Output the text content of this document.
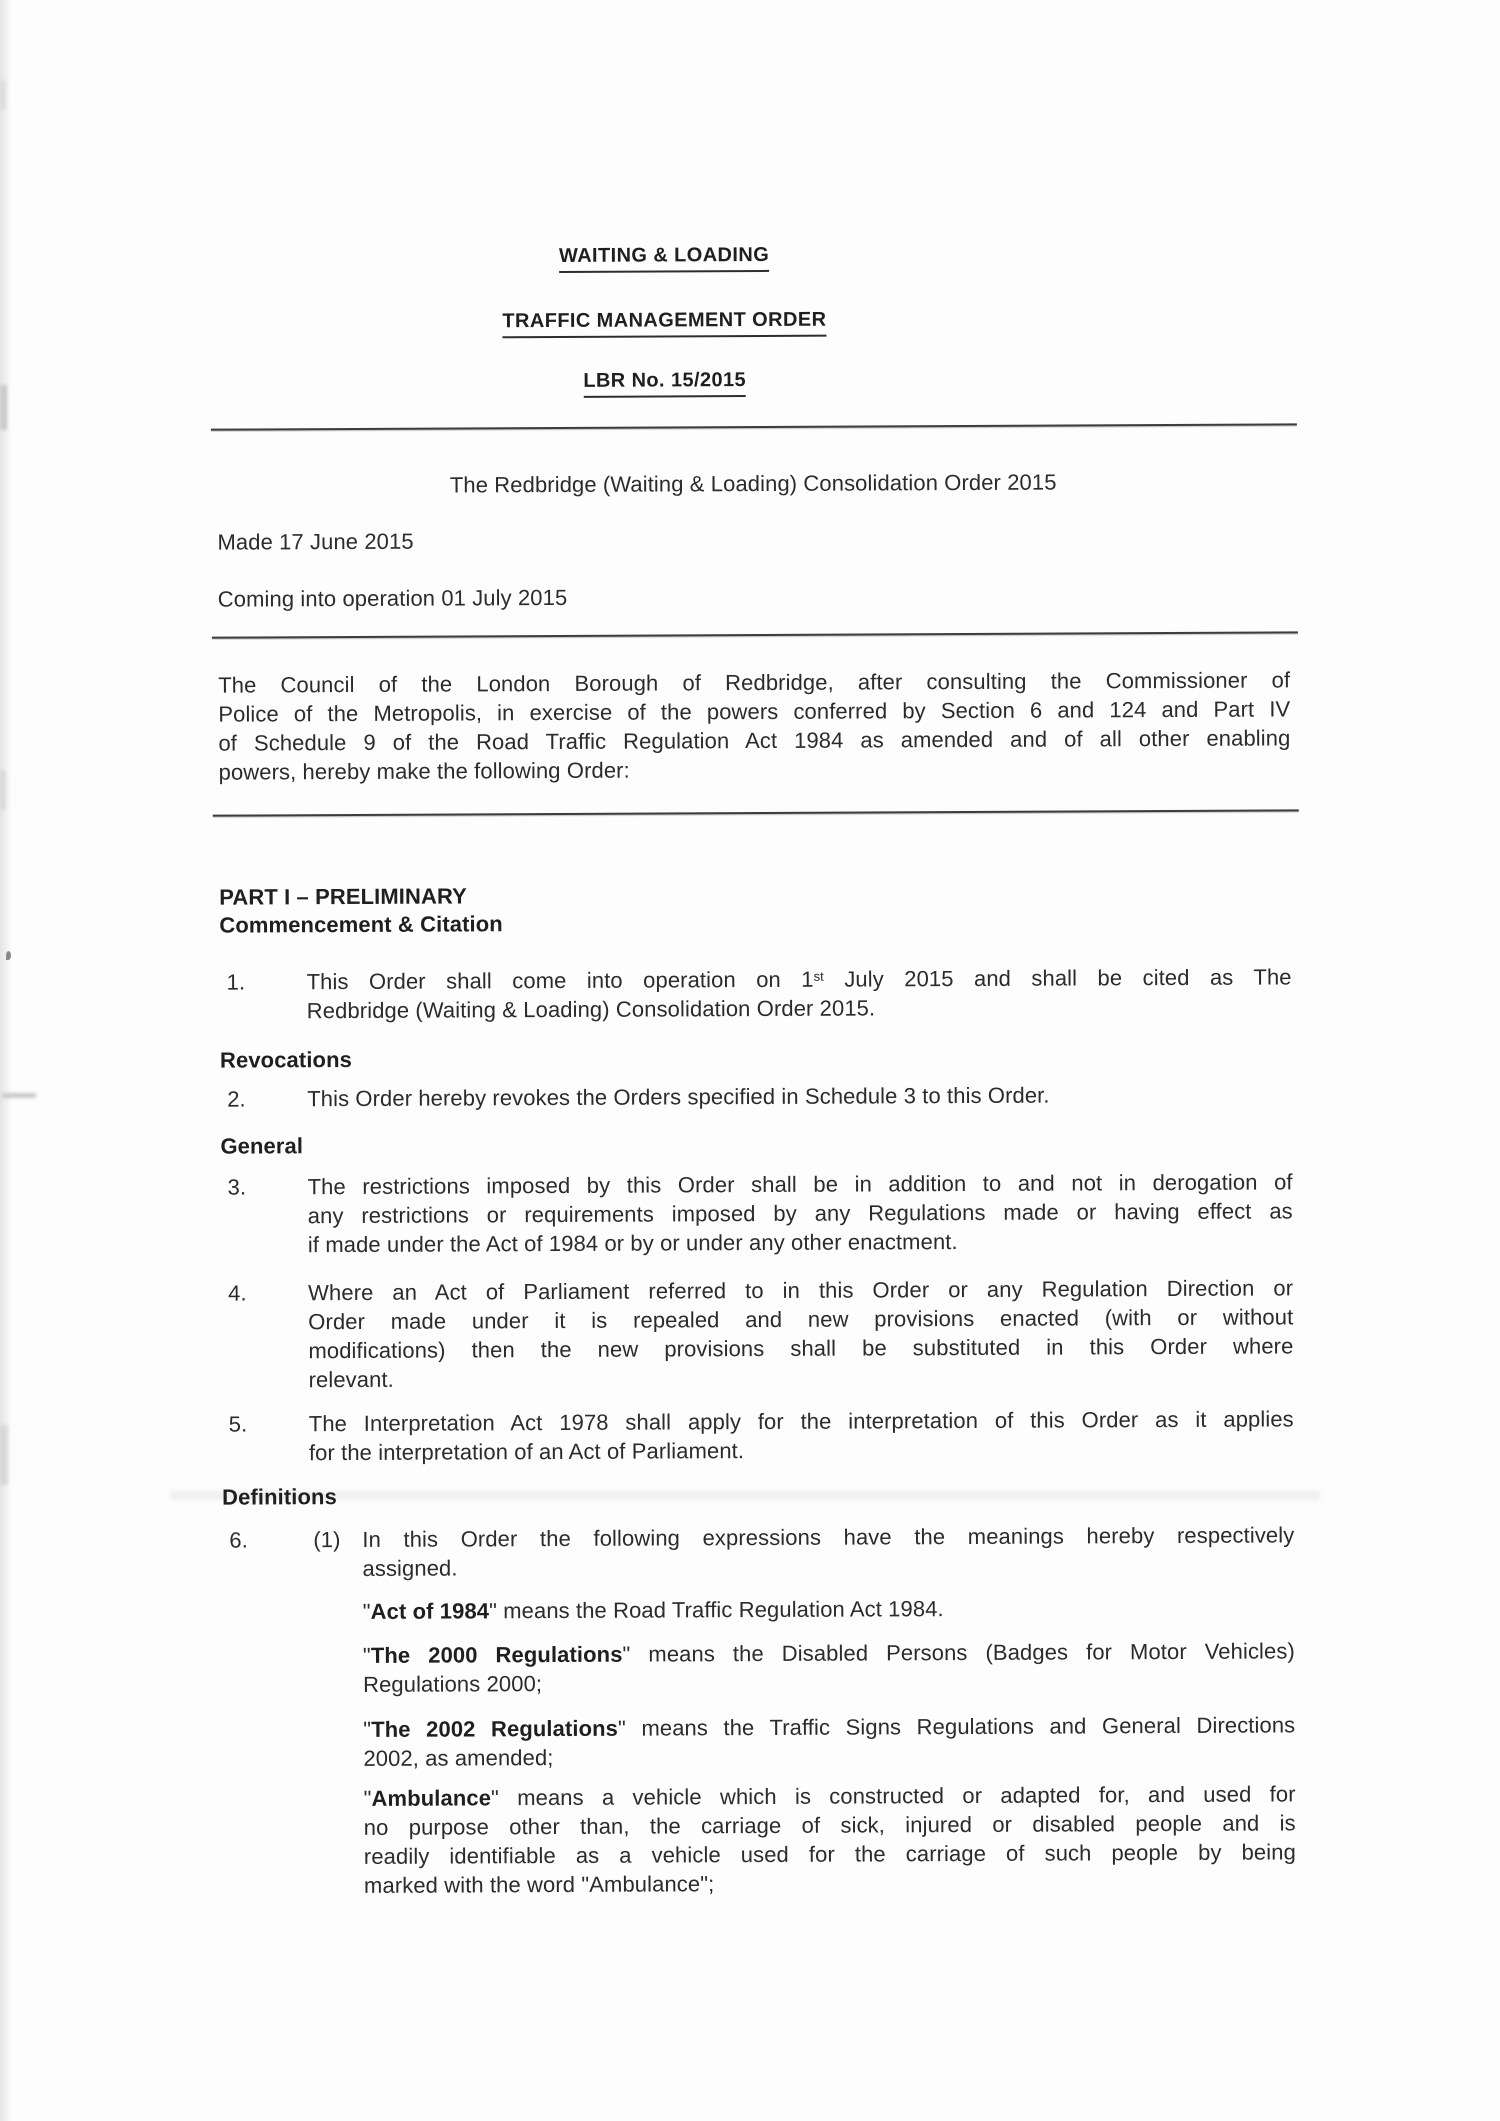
WAITING & LOADING
TRAFFIC MANAGEMENT ORDER
LBR No. 15/2015
The Redbridge (Waiting & Loading) Consolidation Order 2015
Made 17 June 2015
Coming into operation 01 July 2015
The Council of the London Borough of Redbridge, after consulting the Commissioner of
Police of the Metropolis, in exercise of the powers conferred by Section 6 and 124 and Part IV
of Schedule 9 of the Road Traffic Regulation Act 1984 as amended and of all other enabling
powers, hereby make the following Order:
PART I – PRELIMINARY
Commencement & Citation
1.	This Order shall come into operation on 1st July 2015 and shall be cited as The
Redbridge (Waiting & Loading) Consolidation Order 2015.
Revocations
2.	This Order hereby revokes the Orders specified in Schedule 3 to this Order.
General
3.	The restrictions imposed by this Order shall be in addition to and not in derogation of
any restrictions or requirements imposed by any Regulations made or having effect as
if made under the Act of 1984 or by or under any other enactment.
4.	Where an Act of Parliament referred to in this Order or any Regulation Direction or
Order made under it is repealed and new provisions enacted (with or without
modifications) then the new provisions shall be substituted in this Order where
relevant.
5.	The Interpretation Act 1978 shall apply for the interpretation of this Order as it applies
for the interpretation of an Act of Parliament.
Definitions
6.	(1) In this Order the following expressions have the meanings hereby respectively
assigned.
"Act of 1984" means the Road Traffic Regulation Act 1984.
"The 2000 Regulations" means the Disabled Persons (Badges for Motor Vehicles)
Regulations 2000;
"The 2002 Regulations" means the Traffic Signs Regulations and General Directions
2002, as amended;
"Ambulance" means a vehicle which is constructed or adapted for, and used for
no purpose other than, the carriage of sick, injured or disabled people and is
readily identifiable as a vehicle used for the carriage of such people by being
marked with the word "Ambulance";
